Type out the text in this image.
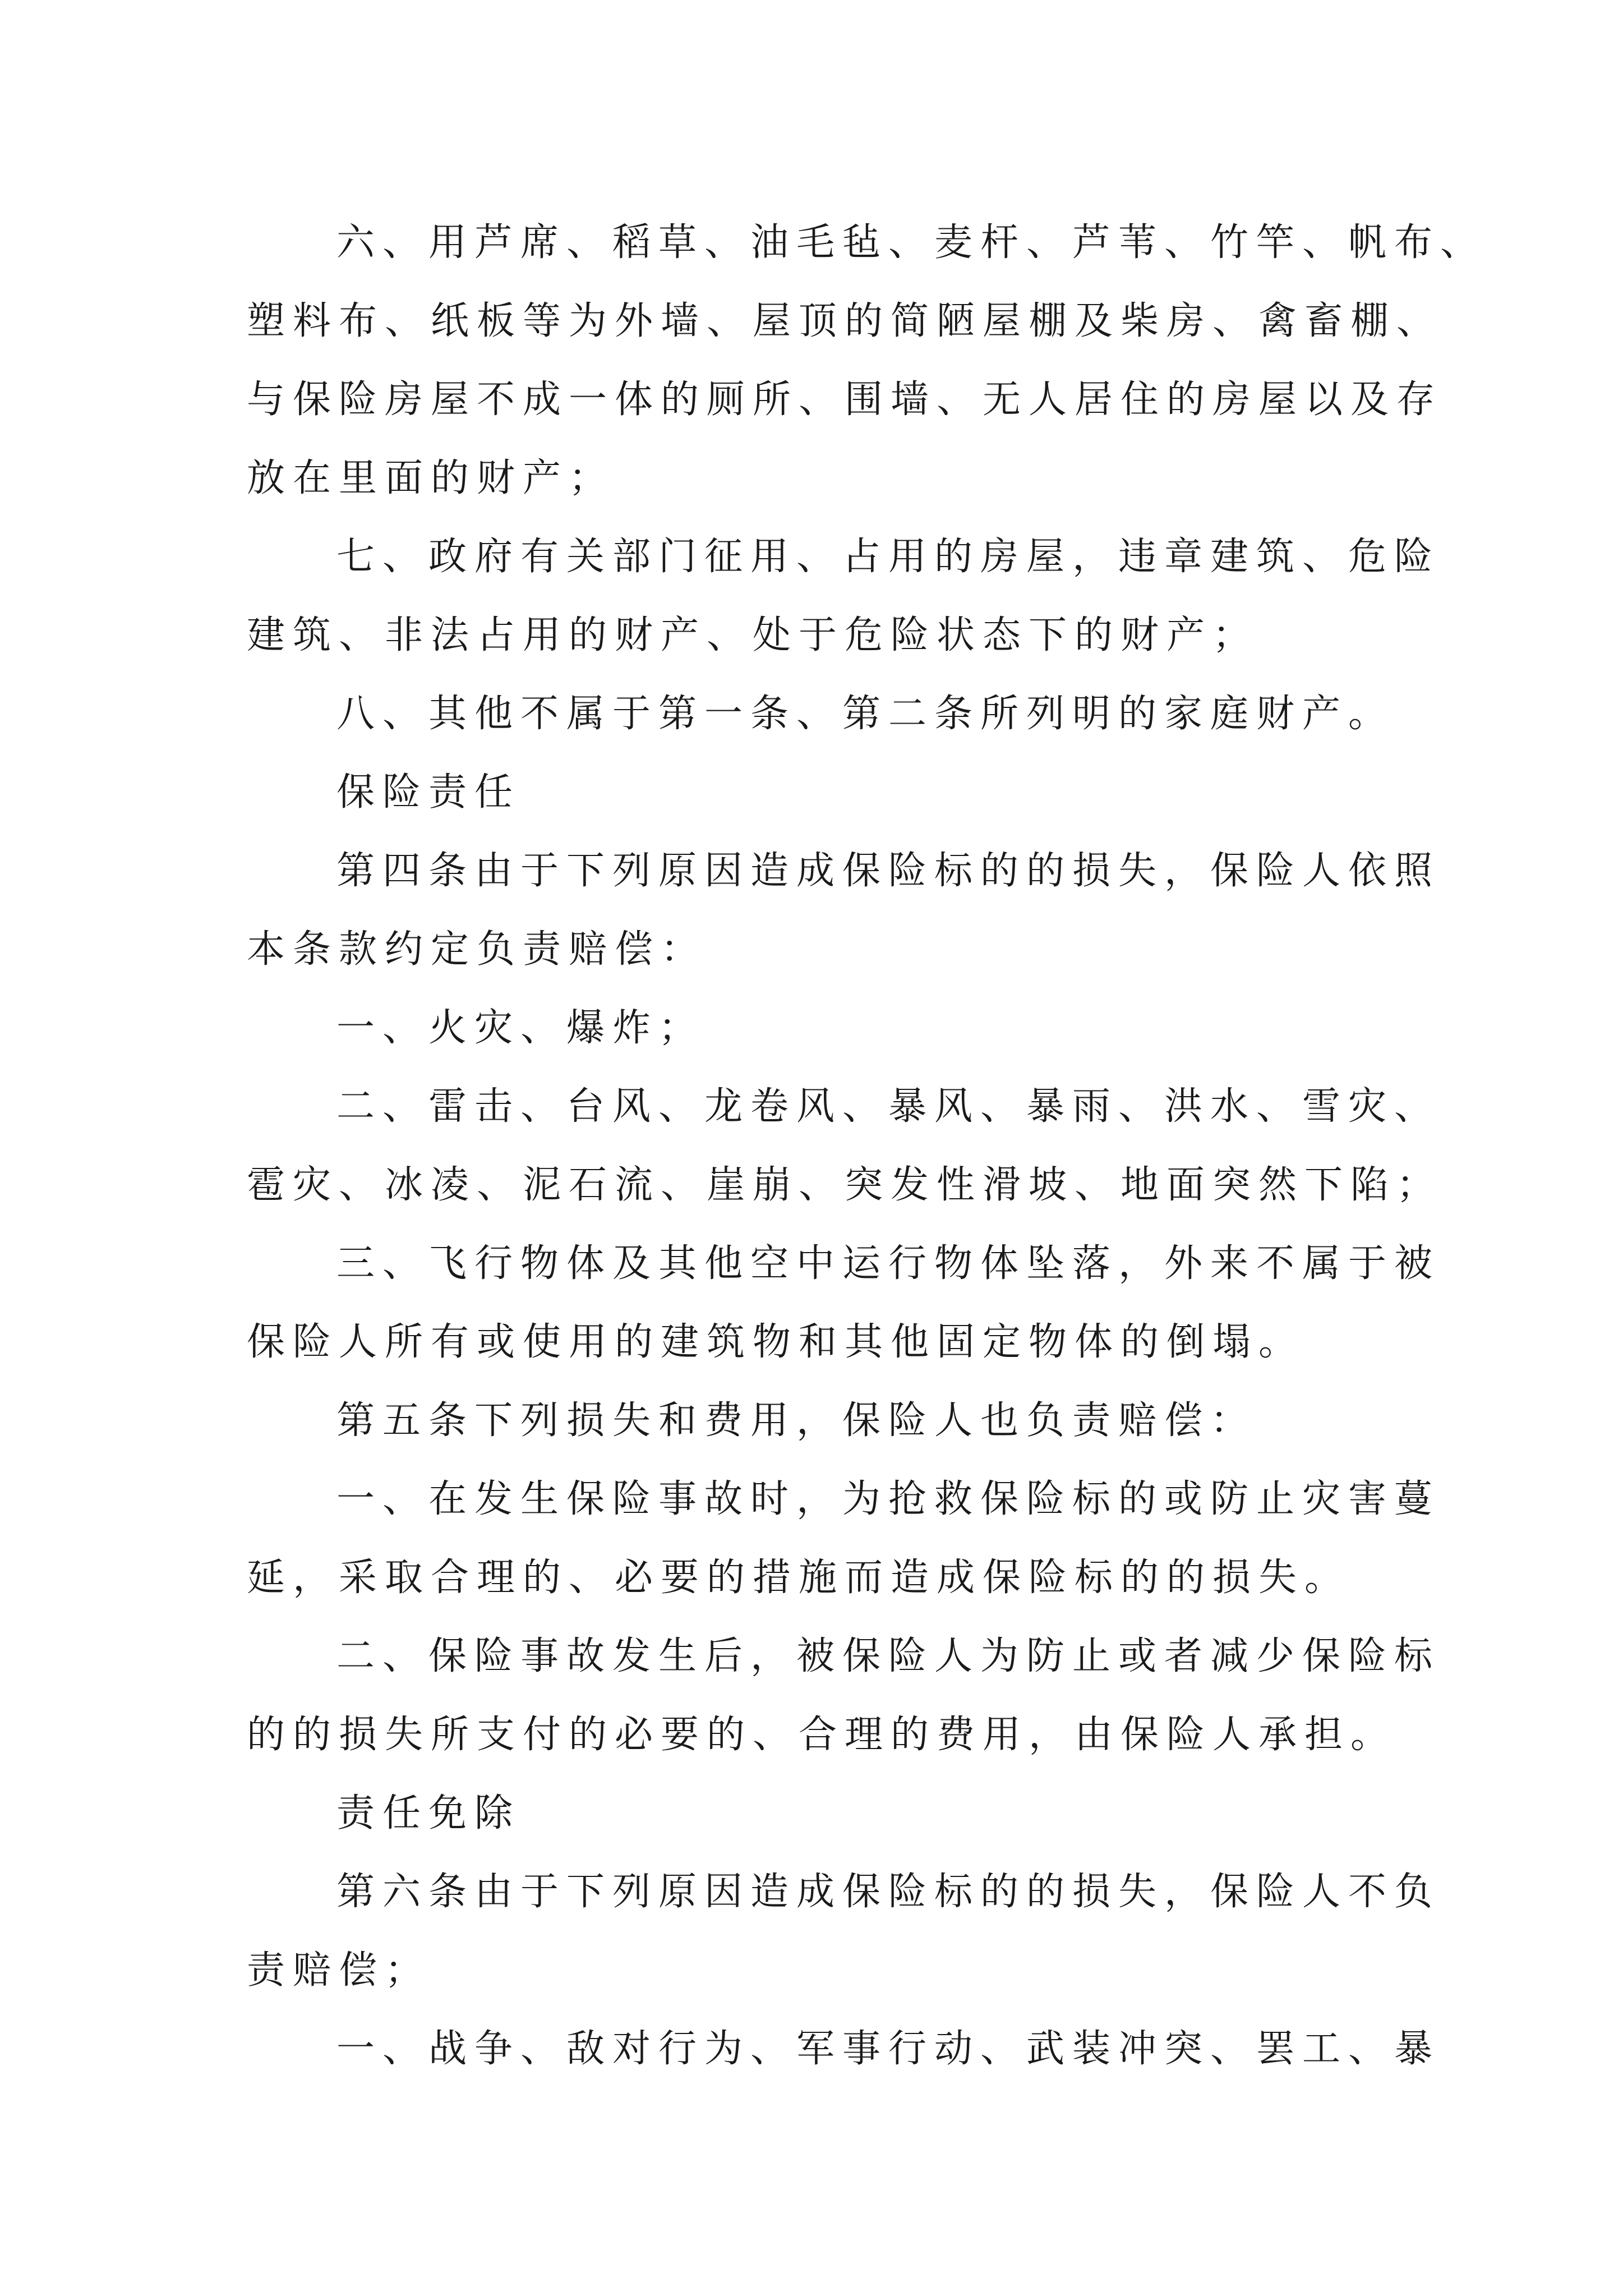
六、用芦席、稻草、油毛毡、麦杆、芦苇、竹竿、帆布、
塑料布、纸板等为外墙、屋顶的简陋屋棚及柴房、禽畜棚、
与保险房屋不成一体的厕所、围墙、无人居住的房屋以及存
放在里面的财产；
七、政府有关部门征用、占用的房屋，违章建筑、危险
建筑、非法占用的财产、处于危险状态下的财产；
八、其他不属于第一条、第二条所列明的家庭财产。
保险责任
第四条由于下列原因造成保险标的的损失，保险人依照
本条款约定负责赔偿：
一、火灾、爆炸；
二、雷击、台风、龙卷风、暴风、暴雨、洪水、雪灾、
雹灾、冰凌、泥石流、崖崩、突发性滑坡、地面突然下陷；
三、飞行物体及其他空中运行物体坠落，外来不属于被
保险人所有或使用的建筑物和其他固定物体的倒塌。
第五条下列损失和费用，保险人也负责赔偿：
一、在发生保险事故时，为抢救保险标的或防止灾害蔓
延，采取合理的、必要的措施而造成保险标的的损失。
二、保险事故发生后，被保险人为防止或者减少保险标
的的损失所支付的必要的、合理的费用，由保险人承担。
责任免除
第六条由于下列原因造成保险标的的损失，保险人不负
责赔偿；
一、战争、敌对行为、军事行动、武装冲突、罢工、暴
